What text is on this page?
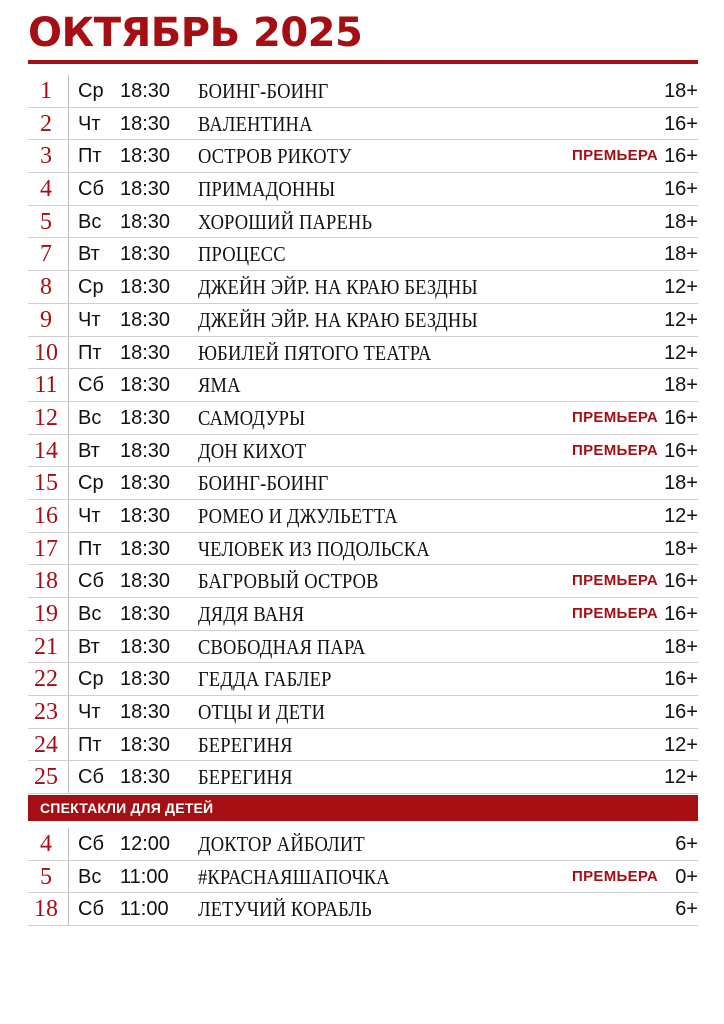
ОКТЯБРЬ 2025
1	Ср 18:30 БОИНГ-БОИНГ	18+
2	Чт 18:30 ВАЛЕНТИНА	16+
3	Пт 18:30 ОСТРОВ РИКОТУ	ПРЕМЬЕРА 16+
4	Сб 18:30 ПРИМАДОННЫ	16+
5	Вс 18:30 ХОРОШИЙ ПАРЕНЬ	18+
7	Вт 18:30 ПРОЦЕСС	18+
8	Ср 18:30 ДЖЕЙН ЭЙР. НА КРАЮ БЕЗДНЫ	12+
9	Чт 18:30 ДЖЕЙН ЭЙР. НА КРАЮ БЕЗДНЫ	12+
10	Пт 18:30 ЮБИЛЕЙ ПЯТОГО ТЕАТРА	12+
11	Сб 18:30 ЯМА	18+
12	Вс 18:30 САМОДУРЫ	ПРЕМЬЕРА 16+
14	Вт 18:30 ДОН КИХОТ	ПРЕМЬЕРА 16+
15	Ср 18:30 БОИНГ-БОИНГ	18+
16	Чт 18:30 РОМЕО И ДЖУЛЬЕТТА	12+
17	Пт 18:30 ЧЕЛОВЕК ИЗ ПОДОЛЬСКА	18+
18	Сб 18:30 БАГРОВЫЙ ОСТРОВ	ПРЕМЬЕРА 16+
19	Вс 18:30 ДЯДЯ ВАНЯ	ПРЕМЬЕРА 16+
21	Вт 18:30 СВОБОДНАЯ ПАРА	18+
22	Ср 18:30 ГЕДДА ГАБЛЕР	16+
23	Чт 18:30 ОТЦЫ И ДЕТИ	16+
24	Пт 18:30 БЕРЕГИНЯ	12+
25	Сб 18:30 БЕРЕГИНЯ	12+
СПЕКТАКЛИ ДЛЯ ДЕТЕЙ
4	Сб 12:00 ДОКТОР АЙБОЛИТ	6+
5	Вс 11:00 #КРАСНАЯШАПОЧКА	ПРЕМЬЕРА 0+
18	Сб 11:00 ЛЕТУЧИЙ КОРАБЛЬ	6+
